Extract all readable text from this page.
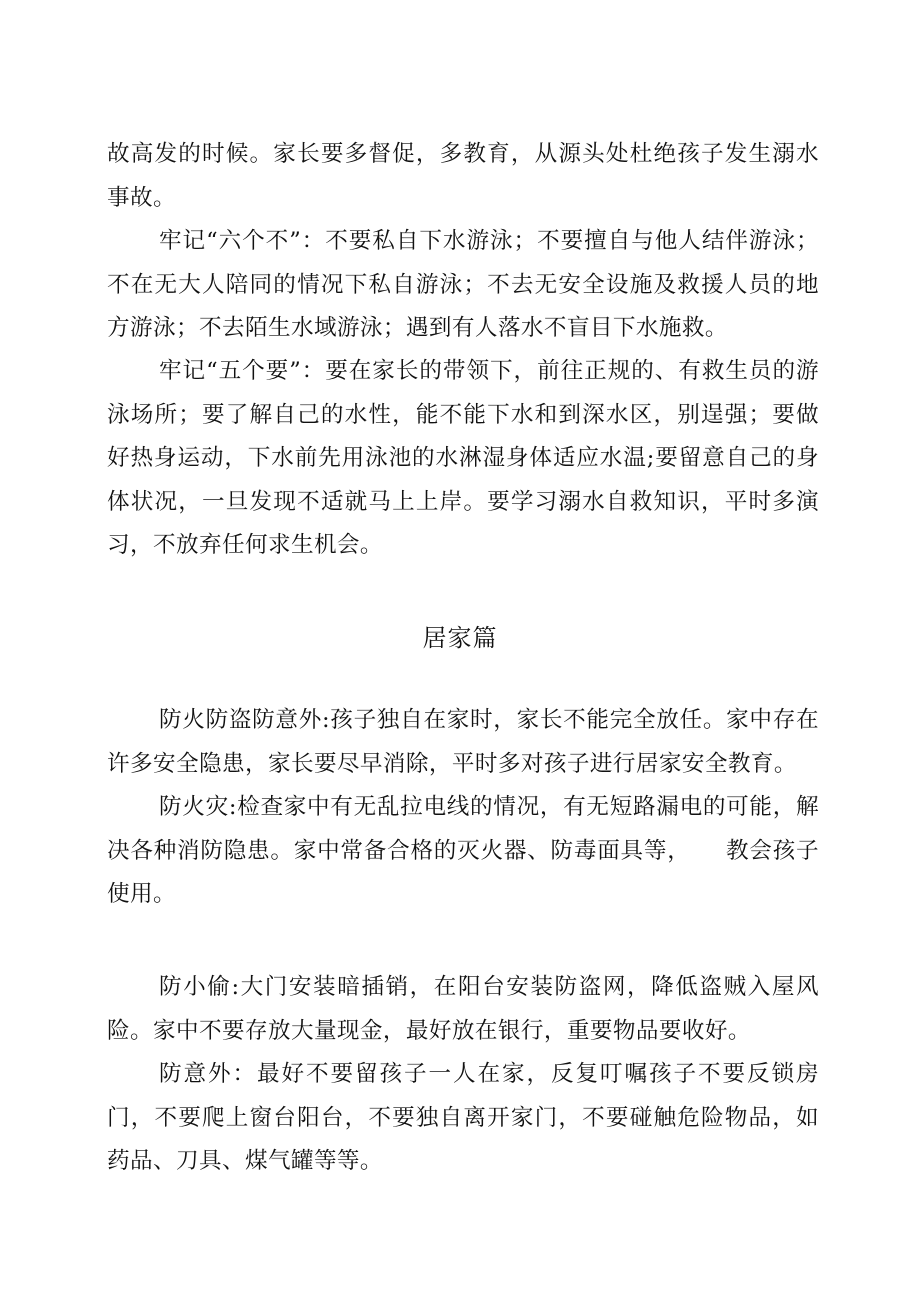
故高发的时候。家长要多督促，多教育，从源头处杜绝孩子发生溺水事故。

牢记“六个不”：不要私自下水游泳；不要擅自与他人结伴游泳；不在无大人陪同的情况下私自游泳；不去无安全设施及救援人员的地方游泳；不去陌生水域游泳；遇到有人落水不盲目下水施救。

牢记“五个要”：要在家长的带领下，前往正规的、有救生员的游泳场所；要了解自己的水性，能不能下水和到深水区，别逞强；要做好热身运动，下水前先用泳池的水淋湿身体适应水温;要留意自己的身体状况，一旦发现不适就马上上岸。要学习溺水自救知识，平时多演习，不放弃任何求生机会。

居家篇

防火防盗防意外:孩子独自在家时，家长不能完全放任。家中存在许多安全隐患，家长要尽早消除，平时多对孩子进行居家安全教育。

防火灾:检查家中有无乱拉电线的情况，有无短路漏电的可能，解决各种消防隐患。家中常备合格的灭火器、防毒面具等，　　教会孩子使用。

防小偷:大门安装暗插销，在阳台安装防盗网，降低盗贼入屋风险。家中不要存放大量现金，最好放在银行，重要物品要收好。

防意外：最好不要留孩子一人在家，反复叮嘱孩子不要反锁房门，不要爬上窗台阳台，不要独自离开家门，不要碰触危险物品，如药品、刀具、煤气罐等等。
